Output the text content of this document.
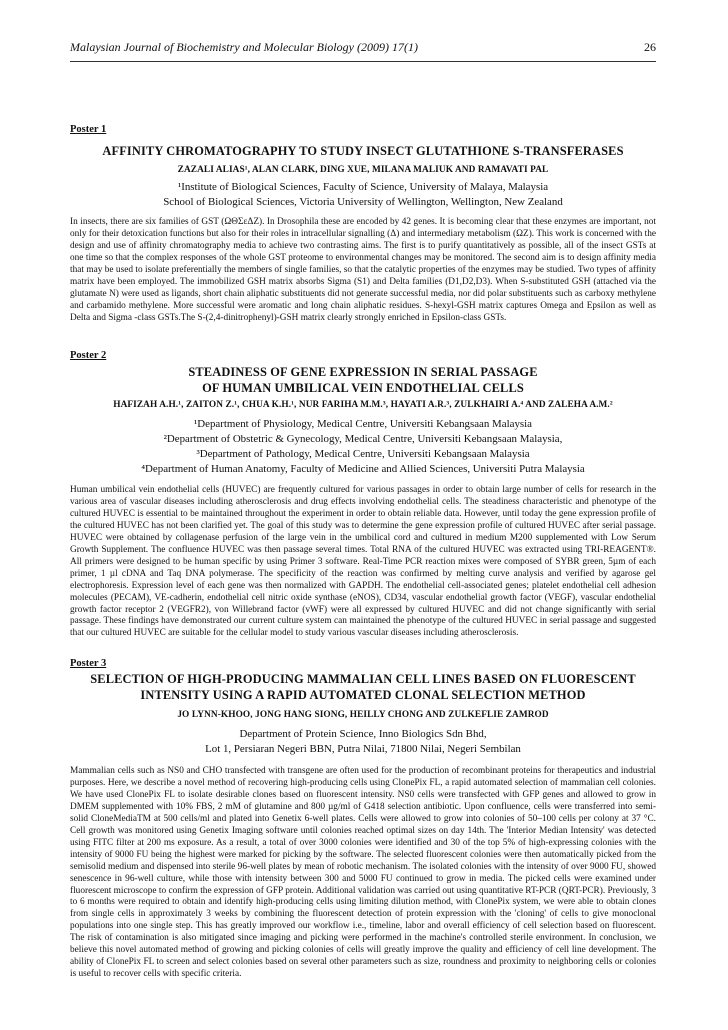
Malaysian Journal of Biochemistry and Molecular Biology (2009) 17(1)	26

Poster 1

AFFINITY CHROMATOGRAPHY TO STUDY INSECT GLUTATHIONE S-TRANSFERASES

ZAZALI ALIAS¹, ALAN CLARK, DING XUE, MILANA MALIUK AND RAMAVATI PAL

¹Institute of Biological Sciences, Faculty of Science, University of Malaya, Malaysia

School of Biological Sciences, Victoria University of Wellington, Wellington, New Zealand

In insects, there are six families of GST (ΩΘΣεΔZ). In Drosophila these are encoded by 42 genes. It is becoming clear that these enzymes are important, not only for their detoxication functions but also for their roles in intracellular signalling (Δ) and intermediary metabolism (ΩZ). This work is concerned with the design and use of affinity chromatography media to achieve two contrasting aims. The first is to purify quantitatively as possible, all of the insect GSTs at one time so that the complex responses of the whole GST proteome to environmental changes may be monitored. The second aim is to design affinity media that may be used to isolate preferentially the members of single families, so that the catalytic properties of the enzymes may be studied. Two types of affinity matrix have been employed. The immobilized GSH matrix absorbs Sigma (S1) and Delta families (D1,D2,D3). When S-substituted GSH (attached via the glutamate N) were used as ligands, short chain aliphatic substituents did not generate successful media, nor did polar substituents such as carboxy methylene and carbamido methylene. More successful were aromatic and long chain aliphatic residues. S-hexyl-GSH matrix captures Omega and Epsilon as well as Delta and Sigma -class GSTs.The S-(2,4-dinitrophenyl)-GSH matrix clearly strongly enriched in Epsilon-class GSTs.

Poster 2

STEADINESS OF GENE EXPRESSION IN SERIAL PASSAGE
OF HUMAN UMBILICAL VEIN ENDOTHELIAL CELLS

HAFIZAH A.H.¹, ZAITON Z.¹, CHUA K.H.¹, NUR FARIHA M.M.³, HAYATI A.R.³, ZULKHAIRI A.⁴ AND ZALEHA A.M.²

¹Department of Physiology, Medical Centre, Universiti Kebangsaan Malaysia

²Department of Obstetric & Gynecology, Medical Centre, Universiti Kebangsaan Malaysia,

³Department of Pathology, Medical Centre, Universiti Kebangsaan Malaysia

⁴Department of Human Anatomy, Faculty of Medicine and Allied Sciences, Universiti Putra Malaysia

Human umbilical vein endothelial cells (HUVEC) are frequently cultured for various passages in order to obtain large number of cells for research in the various area of vascular diseases including atherosclerosis and drug effects involving endothelial cells. The steadiness characteristic and phenotype of the cultured HUVEC is essential to be maintained throughout the experiment in order to obtain reliable data. However, until today the gene expression profile of the cultured HUVEC has not been clarified yet. The goal of this study was to determine the gene expression profile of cultured HUVEC after serial passage. HUVEC were obtained by collagenase perfusion of the large vein in the umbilical cord and cultured in medium M200 supplemented with Low Serum Growth Supplement. The confluence HUVEC was then passage several times. Total RNA of the cultured HUVEC was extracted using TRI-REAGENT®. All primers were designed to be human specific by using Primer 3 software. Real-Time PCR reaction mixes were composed of SYBR green, 5µm of each primer, 1 µl cDNA and Taq DNA polymerase. The specificity of the reaction was confirmed by melting curve analysis and verified by agarose gel electrophoresis. Expression level of each gene was then normalized with GAPDH. The endothelial cell-associated genes; platelet endothelial cell adhesion molecules (PECAM), VE-cadherin, endothelial cell nitric oxide synthase (eNOS), CD34, vascular endothelial growth factor (VEGF), vascular endothelial growth factor receptor 2 (VEGFR2), von Willebrand factor (vWF) were all expressed by cultured HUVEC and did not change significantly with serial passage. These findings have demonstrated our current culture system can maintained the phenotype of the cultured HUVEC in serial passage and suggested that our cultured HUVEC are suitable for the cellular model to study various vascular diseases including atherosclerosis.

Poster 3

SELECTION OF HIGH-PRODUCING MAMMALIAN CELL LINES BASED ON FLUORESCENT
INTENSITY USING A RAPID AUTOMATED CLONAL SELECTION METHOD

JO LYNN-KHOO, JONG HANG SIONG, HEILLY CHONG AND ZULKEFLIE ZAMROD

Department of Protein Science, Inno Biologics Sdn Bhd,

Lot 1, Persiaran Negeri BBN, Putra Nilai, 71800 Nilai, Negeri Sembilan

Mammalian cells such as NS0 and CHO transfected with transgene are often used for the production of recombinant proteins for therapeutics and industrial purposes. Here, we describe a novel method of recovering high-producing cells using ClonePix FL, a rapid automated selection of mammalian cell colonies. We have used ClonePix FL to isolate desirable clones based on fluorescent intensity. NS0 cells were transfected with GFP genes and allowed to grow in DMEM supplemented with 10% FBS, 2 mM of glutamine and 800 µg/ml of G418 selection antibiotic. Upon confluence, cells were transferred into semi-solid CloneMediaTM at 500 cells/ml and plated into Genetix 6-well plates. Cells were allowed to grow into colonies of 50–100 cells per colony at 37 °C. Cell growth was monitored using Genetix Imaging software until colonies reached optimal sizes on day 14th. The 'Interior Median Intensity' was detected using FITC filter at 200 ms exposure. As a result, a total of over 3000 colonies were identified and 30 of the top 5% of high-expressing colonies with the intensity of 9000 FU being the highest were marked for picking by the software. The selected fluorescent colonies were then automatically picked from the semisolid medium and dispensed into sterile 96-well plates by mean of robotic mechanism. The isolated colonies with the intensity of over 9000 FU, showed senescence in 96-well culture, while those with intensity between 300 and 5000 FU continued to grow in media. The picked cells were examined under fluorescent microscope to confirm the expression of GFP protein. Additional validation was carried out using quantitative RT-PCR (QRT-PCR). Previously, 3 to 6 months were required to obtain and identify high-producing cells using limiting dilution method, with ClonePix system, we were able to obtain clones from single cells in approximately 3 weeks by combining the fluorescent detection of protein expression with the 'cloning' of cells to give monoclonal populations into one single step. This has greatly improved our workflow i.e., timeline, labor and overall efficiency of cell selection based on fluorescent. The risk of contamination is also mitigated since imaging and picking were performed in the machine's controlled sterile environment. In conclusion, we believe this novel automated method of growing and picking colonies of cells will greatly improve the quality and efficiency of cell line development. The ability of ClonePix FL to screen and select colonies based on several other parameters such as size, roundness and proximity to neighboring cells or colonies is useful to recover cells with specific criteria.
